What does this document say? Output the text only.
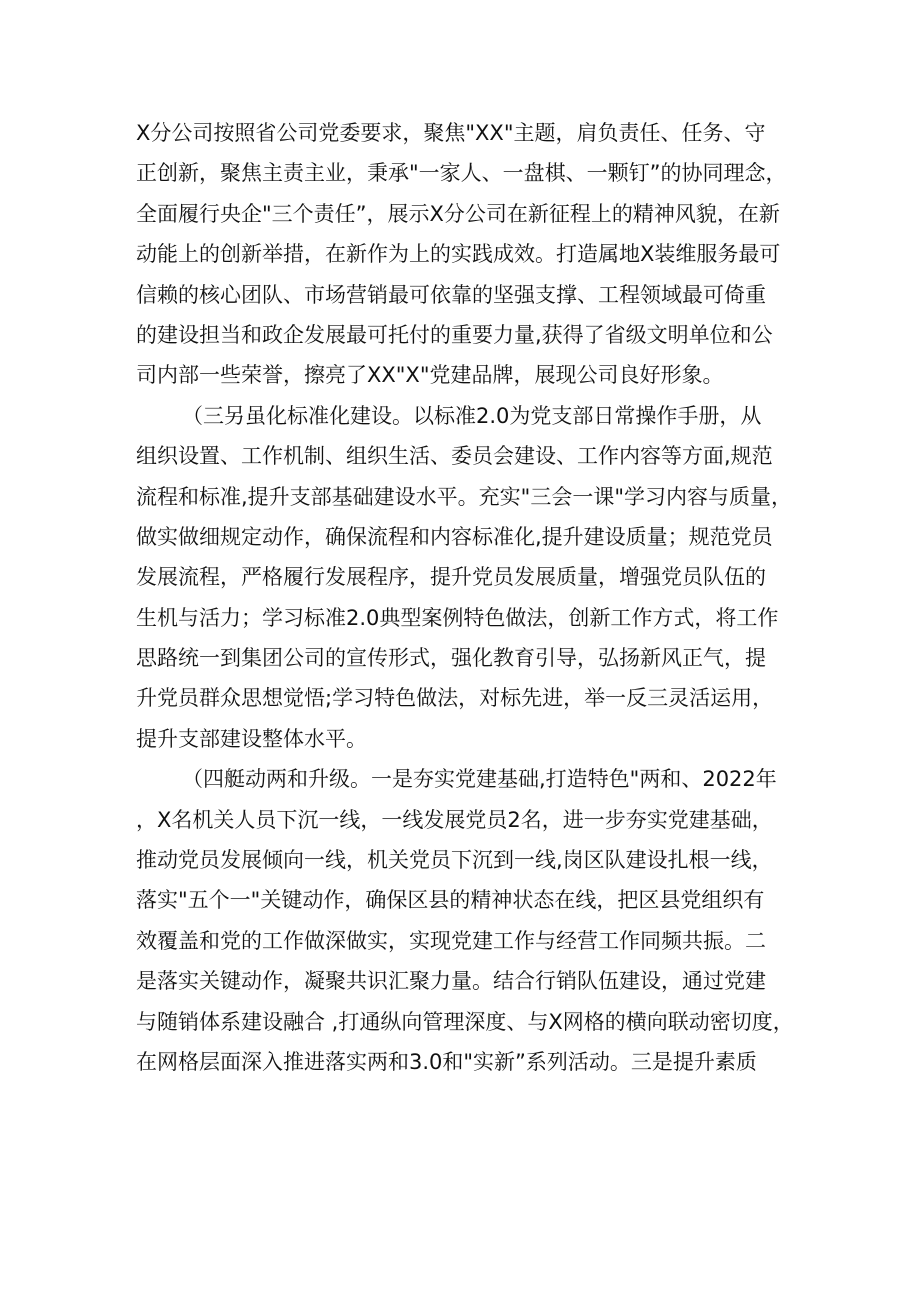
X分公司按照省公司党委要求，聚焦"XX"主题，肩负责任、任务、守
正创新，聚焦主责主业，秉承"一家人、一盘棋、一颗钉”的协同理念，
全面履行央企"三个责任”，展示X分公司在新征程上的精神风貌，在新
动能上的创新举措，在新作为上的实践成效。打造属地X装维服务最可
信赖的核心团队、市场营销最可依靠的坚强支撑、工程领域最可倚重
的建设担当和政企发展最可托付的重要力量,获得了省级文明单位和公
司内部一些荣誉，擦亮了XX"X"党建品牌，展现公司良好形象。
（三另虽化标准化建设。以标准2.0为党支部日常操作手册，从
组织设置、工作机制、组织生活、委员会建设、工作内容等方面,规范
流程和标准,提升支部基础建设水平。充实"三会一课"学习内容与质量，
做实做细规定动作，确保流程和内容标准化,提升建设质量；规范党员
发展流程，严格履行发展程序，提升党员发展质量，增强党员队伍的
生机与活力；学习标准2.0典型案例特色做法，创新工作方式，将工作
思路统一到集团公司的宣传形式，强化教育引导，弘扬新风正气，提
升党员群众思想觉悟;学习特色做法，对标先进，举一反三灵活运用，
提升支部建设整体水平。
（四艇动两和升级。一是夯实党建基础,打造特色"两和、2022年
，X名机关人员下沉一线，一线发展党员2名，进一步夯实党建基础，
推动党员发展倾向一线，机关党员下沉到一线,岗区队建设扎根一线，
落实"五个一"关键动作，确保区县的精神状态在线，把区县党组织有
效覆盖和党的工作做深做实，实现党建工作与经营工作同频共振。二
是落实关键动作，凝聚共识汇聚力量。结合行销队伍建设，通过党建
与随销体系建设融合 ,打通纵向管理深度、与X网格的横向联动密切度，
在网格层面深入推进落实两和3.0和"实新”系列活动。三是提升素质
